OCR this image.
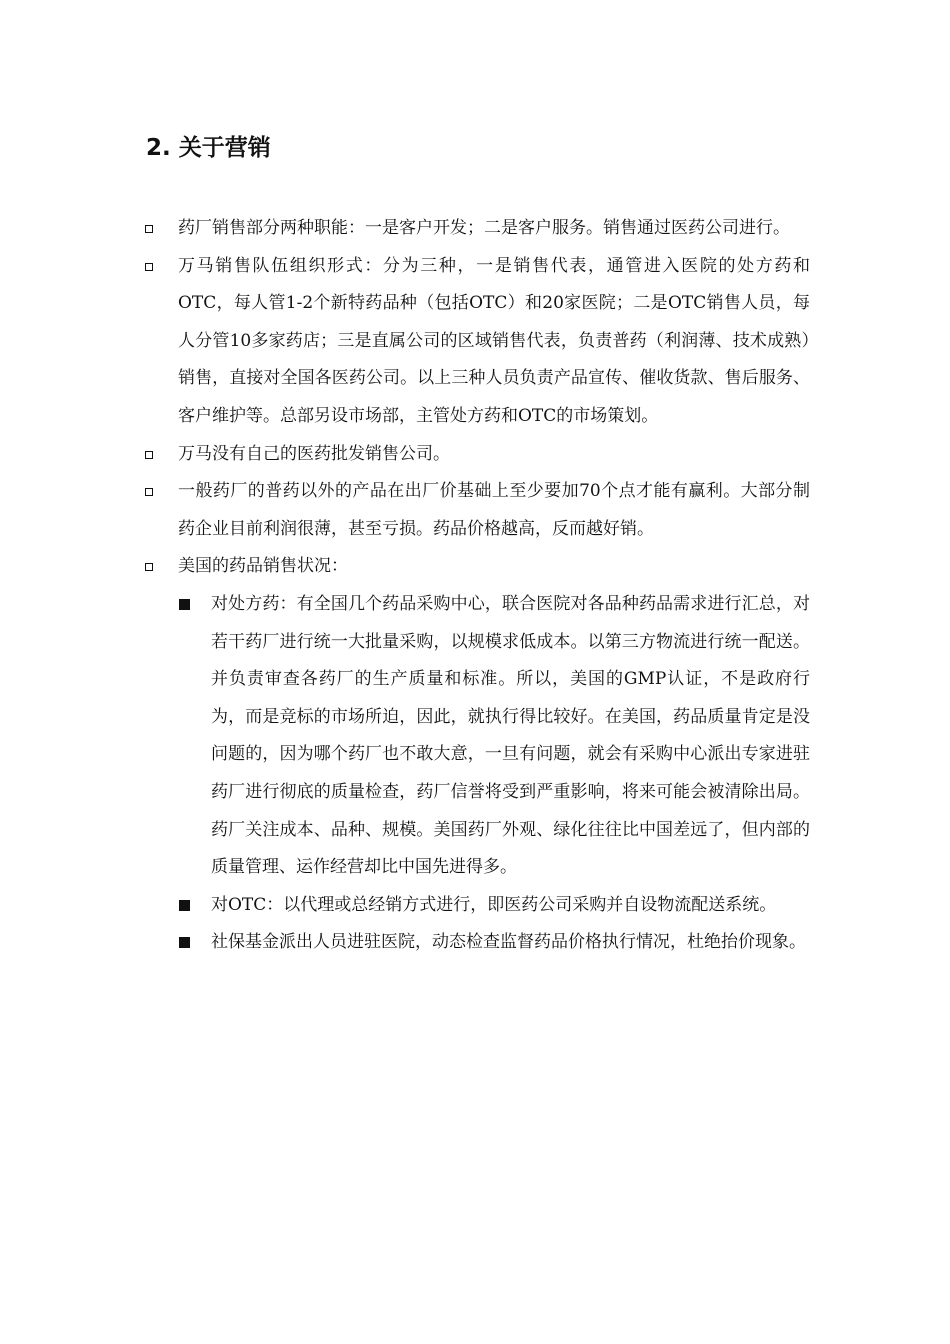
2. 关于营销
药厂销售部分两种职能：一是客户开发；二是客户服务。销售通过医药公司进行。
万马销售队伍组织形式：分为三种，一是销售代表，通管进入医院的处方药和OTC，每人管1-2个新特药品种（包括OTC）和20家医院；二是OTC销售人员，每人分管10多家药店；三是直属公司的区域销售代表，负责普药（利润薄、技术成熟）销售，直接对全国各医药公司。以上三种人员负责产品宣传、催收货款、售后服务、客户维护等。总部另设市场部，主管处方药和OTC的市场策划。
万马没有自己的医药批发销售公司。
一般药厂的普药以外的产品在出厂价基础上至少要加70个点才能有赢利。大部分制药企业目前利润很薄，甚至亏损。药品价格越高，反而越好销。
美国的药品销售状况：
对处方药：有全国几个药品采购中心，联合医院对各品种药品需求进行汇总，对若干药厂进行统一大批量采购，以规模求低成本。以第三方物流进行统一配送。并负责审查各药厂的生产质量和标准。所以，美国的GMP认证，不是政府行为，而是竞标的市场所迫，因此，就执行得比较好。在美国，药品质量肯定是没问题的，因为哪个药厂也不敢大意，一旦有问题，就会有采购中心派出专家进驻药厂进行彻底的质量检查，药厂信誉将受到严重影响，将来可能会被清除出局。药厂关注成本、品种、规模。美国药厂外观、绿化往往比中国差远了，但内部的质量管理、运作经营却比中国先进得多。
对OTC：以代理或总经销方式进行，即医药公司采购并自设物流配送系统。
社保基金派出人员进驻医院，动态检查监督药品价格执行情况，杜绝抬价现象。
